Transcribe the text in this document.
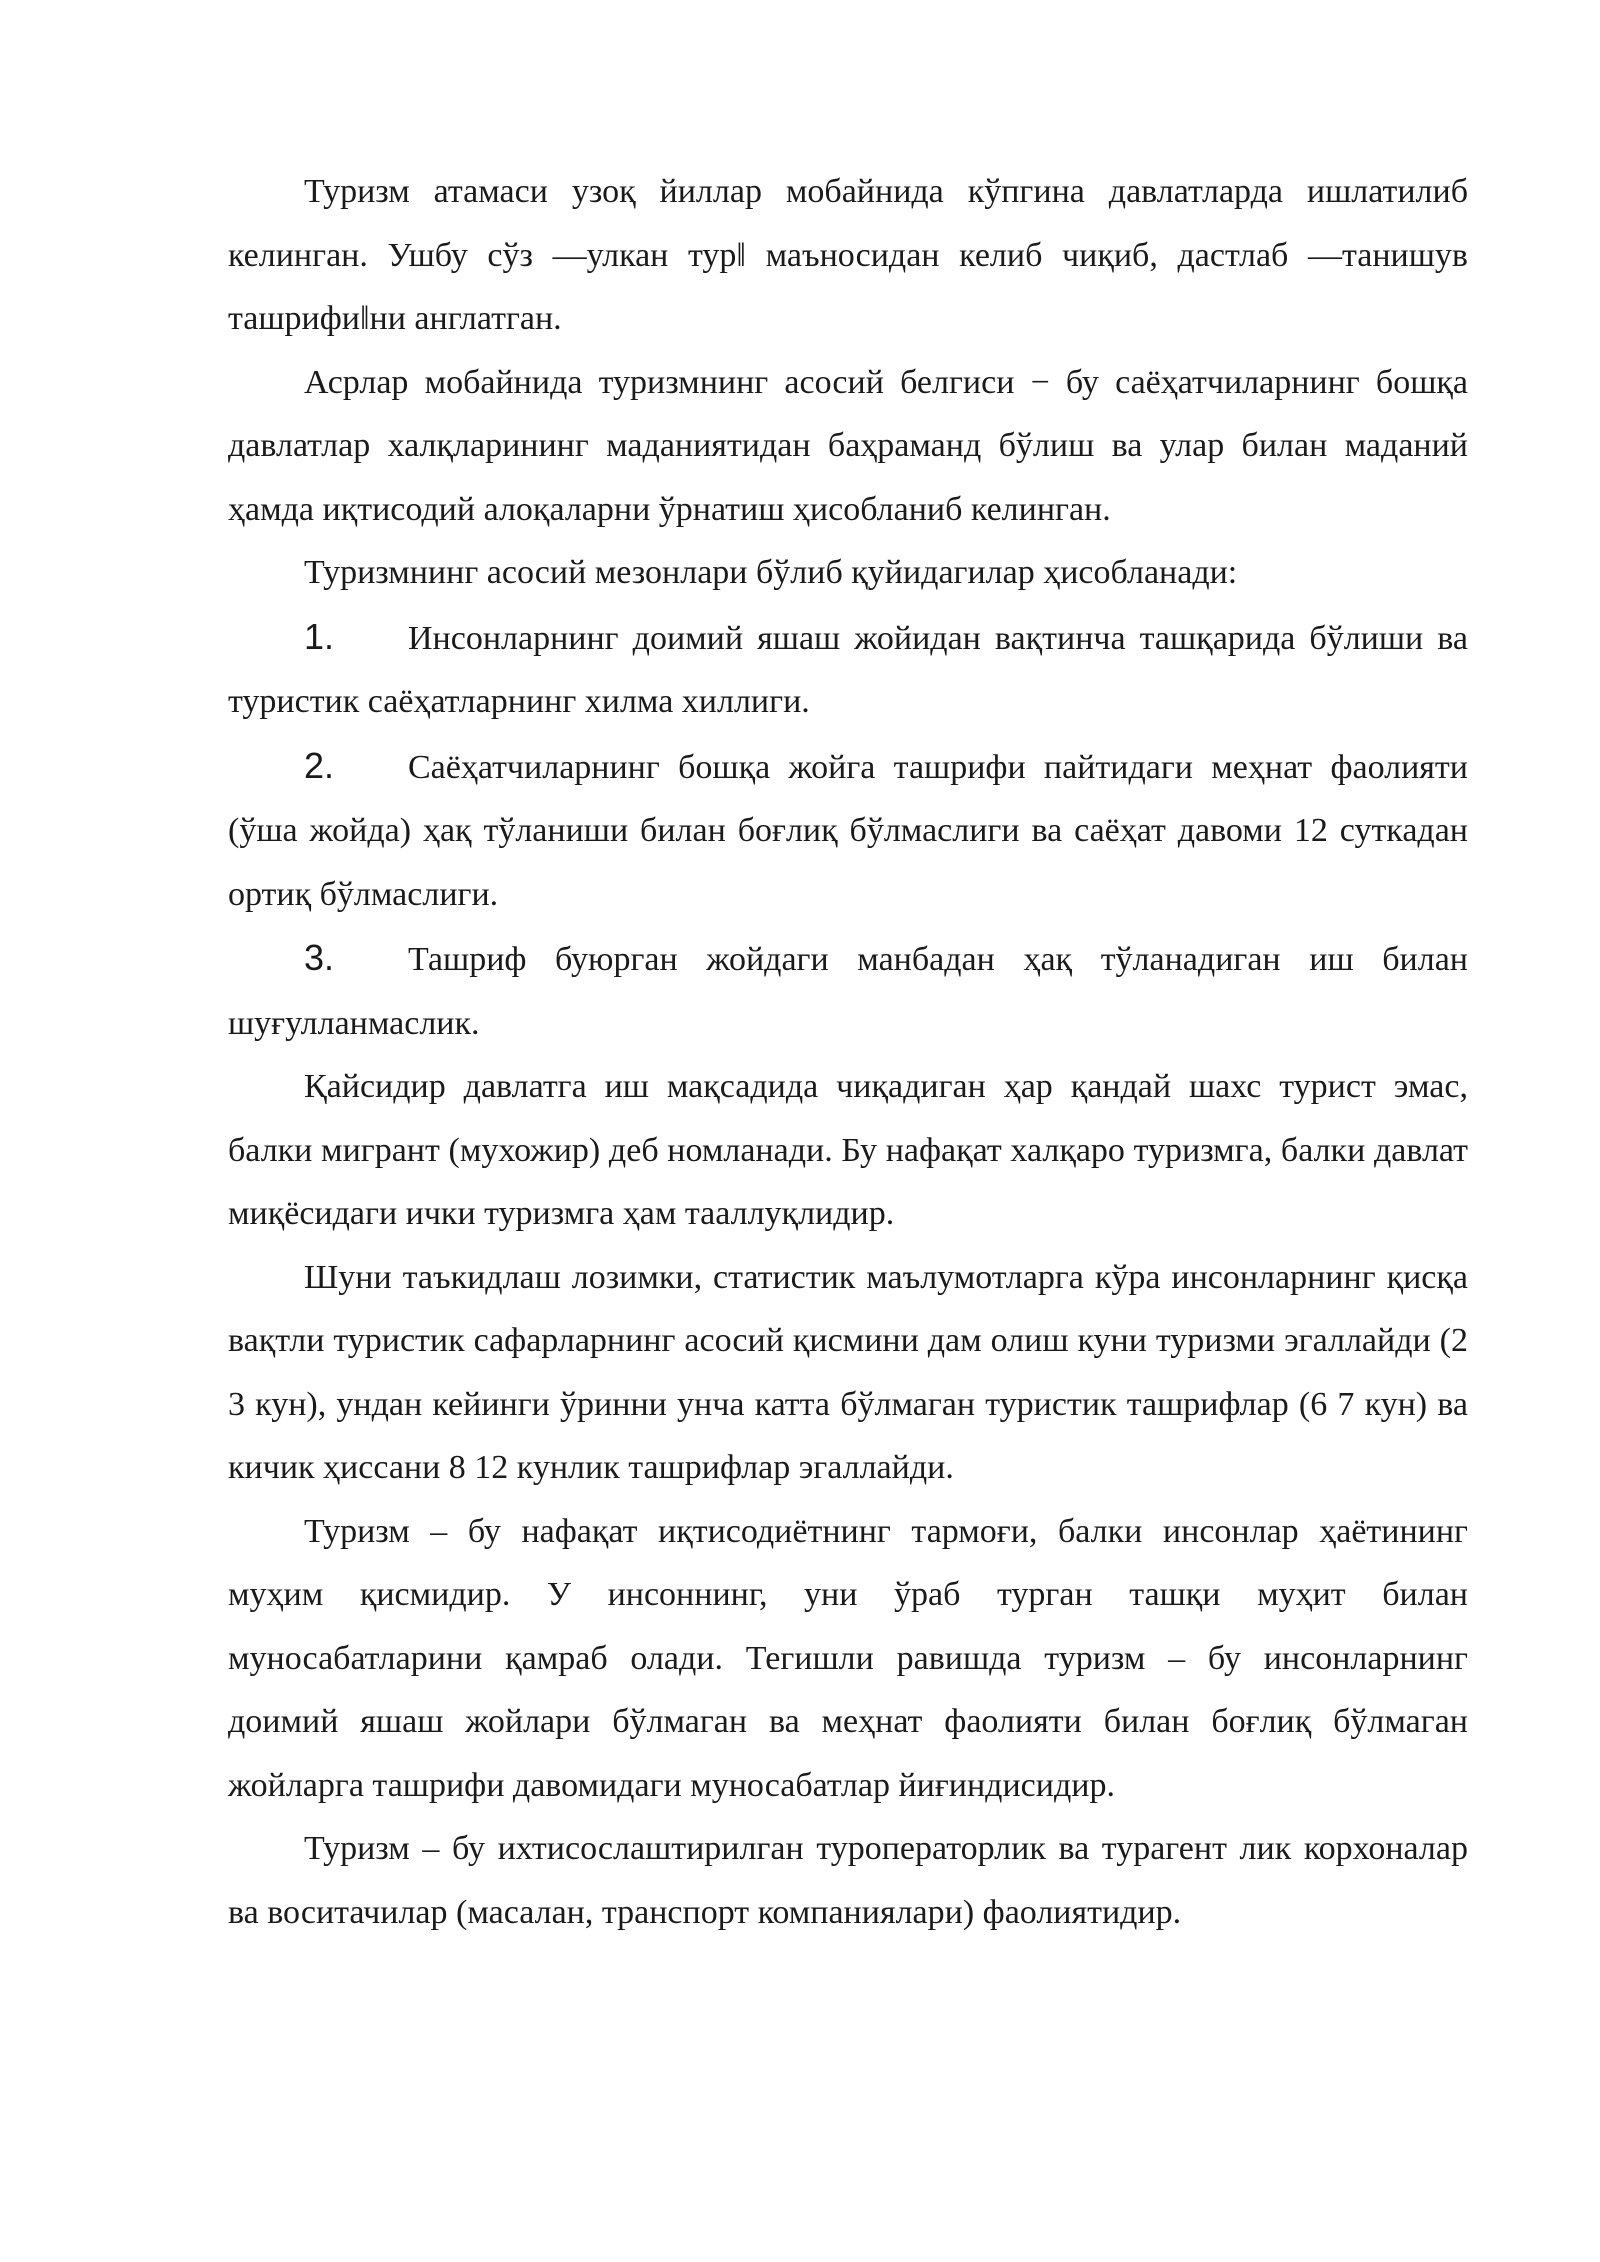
Туризм атамаси узоқ йиллар мобайнида кўпгина давлатларда ишлатилиб келинган. Ушбу сўз ―улкан тур‖ маъносидан келиб чиқиб, дастлаб ―танишув ташрифи‖ни англатган.

Асрлар мобайнида туризмнинг асосий белгиси − бу саёҳатчиларнинг бошқа давлатлар халқларининг маданиятидан баҳраманд бўлиш ва улар билан маданий ҳамда иқтисодий алоқаларни ўрнатиш ҳисобланиб келинган.

Туризмнинг асосий мезонлари бўлиб қуйидагилар ҳисобланади:

1. Инсонларнинг доимий яшаш жойидан вақтинча ташқарида бўлиши ва туристик саёҳатларнинг хилма хиллиги.

2. Саёҳатчиларнинг бошқа жойга ташрифи пайтидаги меҳнат фаолияти (ўша жойда) ҳақ тўланиши билан боғлиқ бўлмаслиги ва саёҳат давоми 12 суткадан ортиқ бўлмаслиги.

3. Ташриф буюрган жойдаги манбадан ҳақ тўланадиган иш билан шуғулланмаслик.

Қайсидир давлатга иш мақсадида чиқадиган ҳар қандай шахс турист эмас, балки мигрант (мухожир) деб номланади. Бу нафақат халқаро туризмга, балки давлат миқёсидаги ички туризмга ҳам тааллуқлидир.

Шуни таъкидлаш лозимки, статистик маълумотларга кўра инсонларнинг қисқа вақтли туристик сафарларнинг асосий қисмини дам олиш куни туризми эгаллайди (2 3 кун), ундан кейинги ўринни унча катта бўлмаган туристик ташрифлар (6 7 кун) ва кичик ҳиссани 8 12 кунлик ташрифлар эгаллайди.

Туризм – бу нафақат иқтисодиётнинг тармоғи, балки инсонлар ҳаётининг муҳим қисмидир. У инсоннинг, уни ўраб турган ташқи муҳит билан муносабатларини қамраб олади. Тегишли равишда туризм – бу инсонларнинг доимий яшаш жойлари бўлмаган ва меҳнат фаолияти билан боғлиқ бўлмаган жойларга ташрифи давомидаги муносабатлар йиғиндисидир.

Туризм – бу ихтисослаштирилган туроператорлик ва турагент лик корхоналар ва воситачилар (масалан, транспорт компаниялари) фаолиятидир.
